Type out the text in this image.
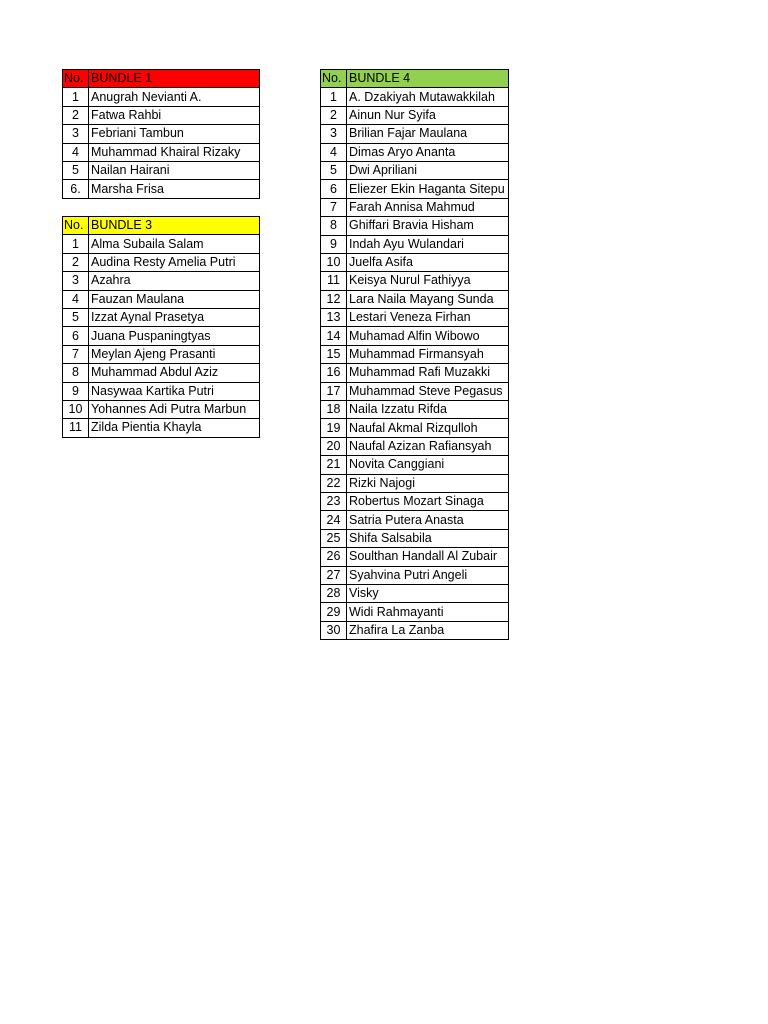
No.	BUNDLE 1
1	Anugrah Nevianti A.
2	Fatwa Rahbi
3	Febriani Tambun
4	Muhammad Khairal Rizaky
5	Nailan Hairani
6.	Marsha Frisa
No.	BUNDLE 3
1	Alma Subaila Salam
2	Audina Resty Amelia Putri
3	Azahra
4	Fauzan Maulana
5	Izzat Aynal Prasetya
6	Juana Puspaningtyas
7	Meylan Ajeng Prasanti
8	Muhammad Abdul Aziz
9	Nasywaa Kartika Putri
10	Yohannes Adi Putra Marbun
11	Zilda Pientia Khayla
No.	BUNDLE 4
1	A. Dzakiyah Mutawakkilah
2	Ainun Nur Syifa
3	Brilian Fajar Maulana
4	Dimas Aryo Ananta
5	Dwi Apriliani
6	Eliezer Ekin Haganta Sitepu
7	Farah Annisa Mahmud
8	Ghiffari Bravia Hisham
9	Indah Ayu Wulandari
10	Juelfa Asifa
11	Keisya Nurul Fathiyya
12	Lara Naila Mayang Sunda
13	Lestari Veneza Firhan
14	Muhamad Alfin Wibowo
15	Muhammad Firmansyah
16	Muhammad Rafi Muzakki
17	Muhammad Steve Pegasus
18	Naila Izzatu Rifda
19	Naufal Akmal Rizqulloh
20	Naufal Azizan Rafiansyah
21	Novita Canggiani
22	Rizki Najogi
23	Robertus Mozart Sinaga
24	Satria Putera Anasta
25	Shifa Salsabila
26	Soulthan Handall Al Zubair
27	Syahvina Putri Angeli
28	Visky
29	Widi Rahmayanti
30	Zhafira La Zanba
